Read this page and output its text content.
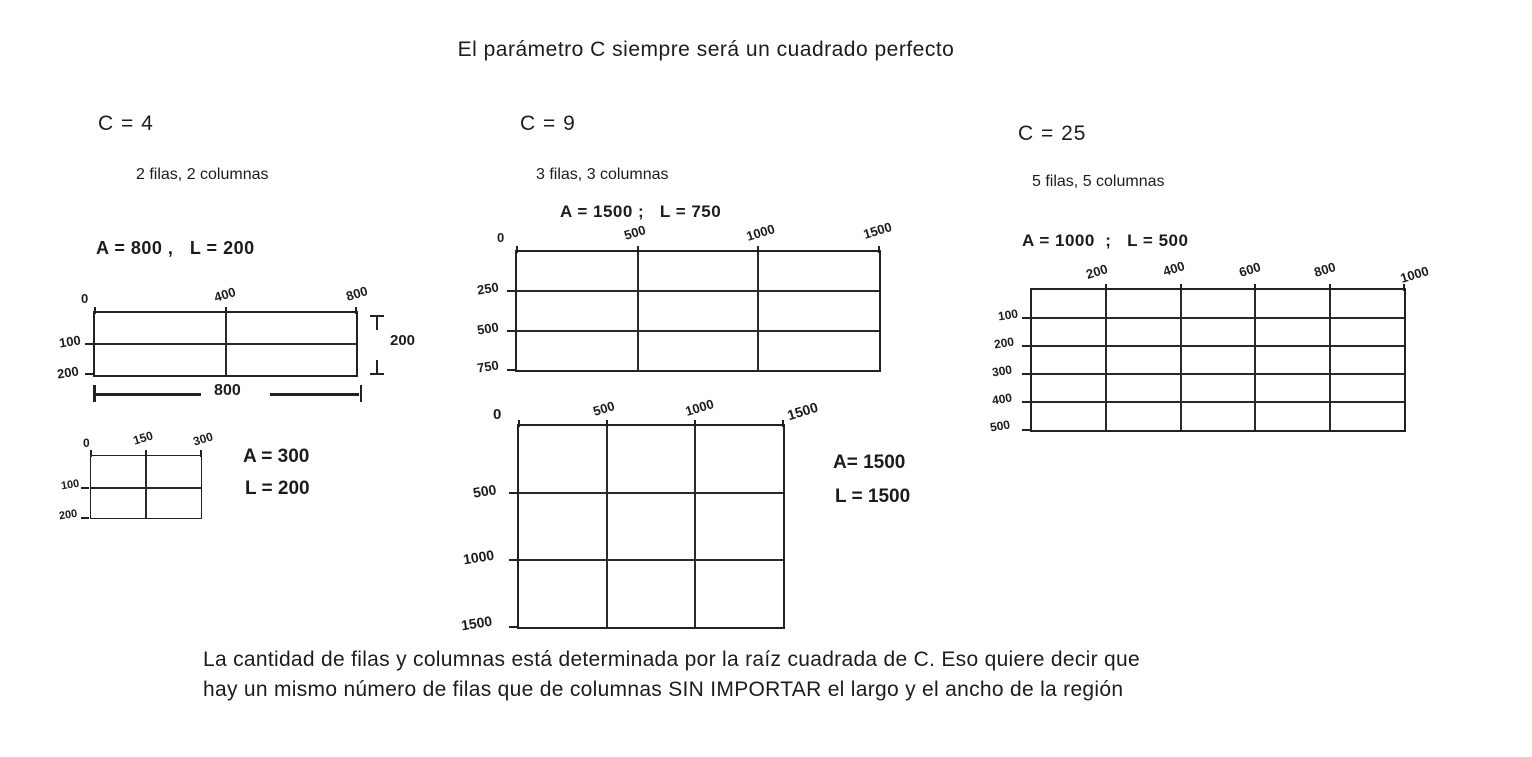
El parámetro C siempre será un cuadrado perfecto
C = 4
2 filas, 2 columnas
A = 800 ,   L = 200
0	400	800
100
200
200
800
0	150	300
100
200
A = 300
L = 200
C = 9
3 filas, 3 columnas
A = 1500 ;   L = 750
0	500	1000	1500
250
500
750
0	500	1000	1500
500
1000
1500
A= 1500
L = 1500
C = 25
5 filas, 5 columnas
A = 1000  ;   L = 500
200	400	600	800	1000
100
200
300
400
500
La cantidad de filas y columnas está determinada por la raíz cuadrada de C. Eso quiere decir que
hay un mismo número de filas que de columnas SIN IMPORTAR el largo y el ancho de la región
